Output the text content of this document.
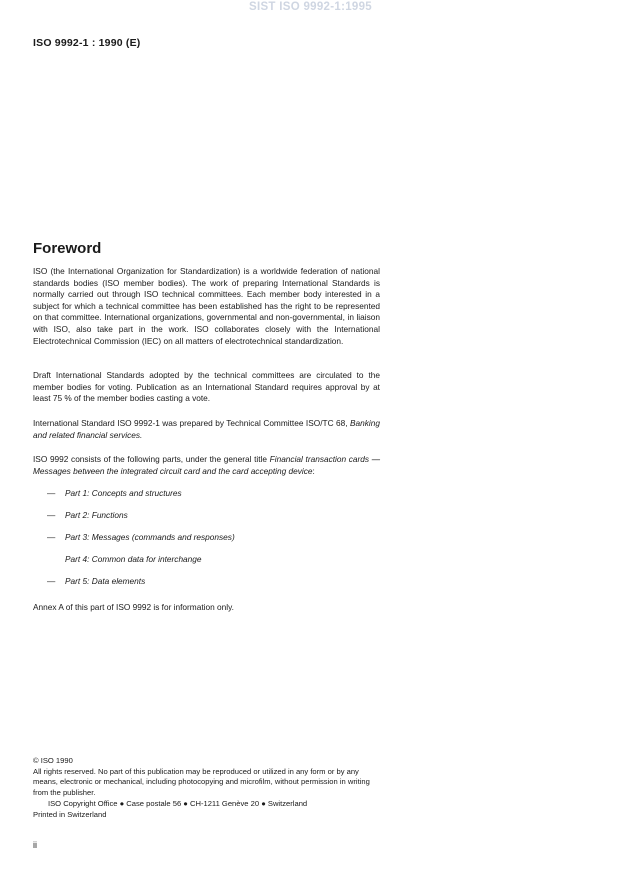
SIST ISO 9992-1:1995
ISO 9992-1 : 1990 (E)
Foreword
ISO (the International Organization for Standardization) is a worldwide federation of national standards bodies (ISO member bodies). The work of preparing International Standards is normally carried out through ISO technical committees. Each member body interested in a subject for which a technical committee has been established has the right to be represented on that committee. International organizations, governmental and non-governmental, in liaison with ISO, also take part in the work. ISO collaborates closely with the International Electrotechnical Commission (IEC) on all matters of electrotechnical standardization.
Draft International Standards adopted by the technical committees are circulated to the member bodies for voting. Publication as an International Standard requires approval by at least 75 % of the member bodies casting a vote.
International Standard ISO 9992-1 was prepared by Technical Committee ISO/TC 68, Banking and related financial services.
ISO 9992 consists of the following parts, under the general title Financial transaction cards — Messages between the integrated circuit card and the card accepting device:
— Part 1: Concepts and structures
— Part 2: Functions
— Part 3: Messages (commands and responses)
Part 4: Common data for interchange
— Part 5: Data elements
Annex A of this part of ISO 9992 is for information only.
© ISO 1990
All rights reserved. No part of this publication may be reproduced or utilized in any form or by any means, electronic or mechanical, including photocopying and microfilm, without permission in writing from the publisher.
ISO Copyright Office ● Case postale 56 ● CH-1211 Genève 20 ● Switzerland
Printed in Switzerland
ii
